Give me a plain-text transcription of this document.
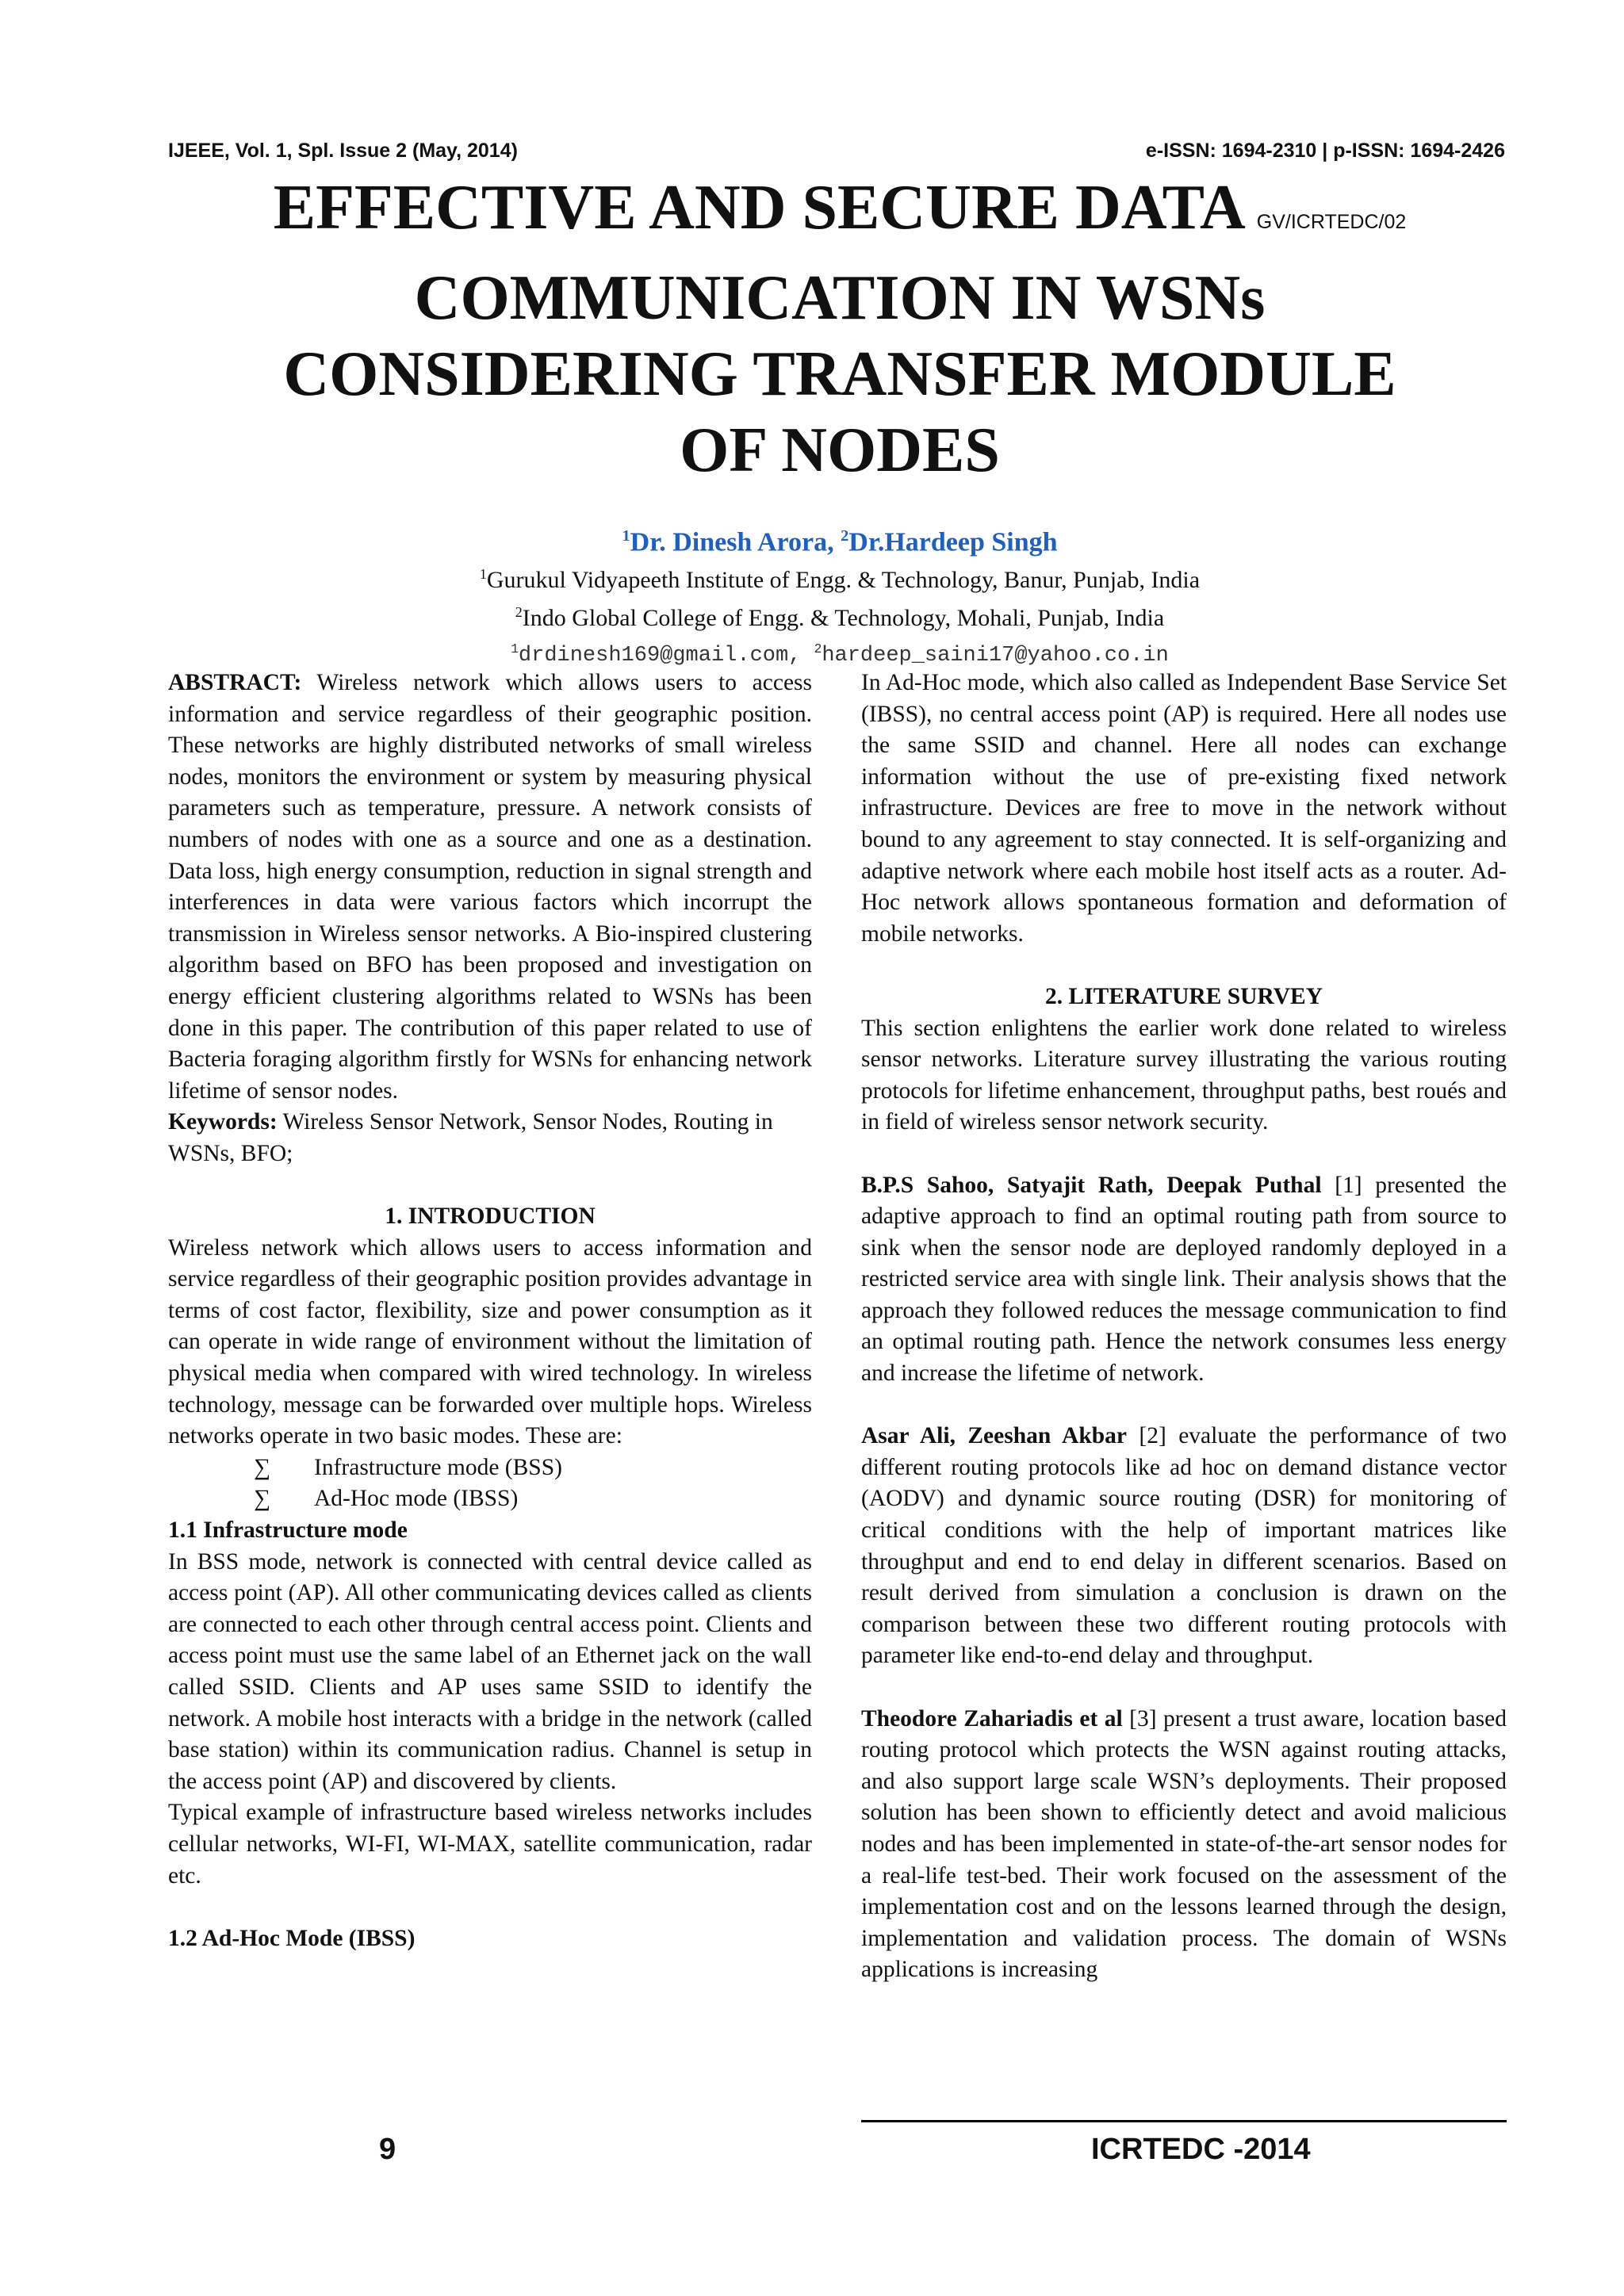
IJEEE, Vol. 1, Spl. Issue 2 (May, 2014)	e-ISSN: 1694-2310 | p-ISSN: 1694-2426
EFFECTIVE AND SECURE DATA GV/ICRTEDC/02
COMMUNICATION IN WSNs
CONSIDERING TRANSFER MODULE
OF NODES
$^1$Dr. Dinesh Arora, $^2$Dr.Hardeep Singh
$^1$Gurukul Vidyapeeth Institute of Engg. & Technology, Banur, Punjab, India
$^2$Indo Global College of Engg. & Technology, Mohali, Punjab, India
$^1$drdinesh169@gmail.com, $^2$hardeep_saini17@yahoo.co.in

ABSTRACT: Wireless network which allows users to access information and service regardless of their geographic position. These networks are highly distributed networks of small wireless nodes, monitors the environment or system by measuring physical parameters such as temperature, pressure. A network consists of numbers of nodes with one as a source and one as a destination. Data loss, high energy consumption, reduction in signal strength and interferences in data were various factors which incorrupt the transmission in Wireless sensor networks. A Bio-inspired clustering algorithm based on BFO has been proposed and investigation on energy efficient clustering algorithms related to WSNs has been done in this paper. The contribution of this paper related to use of Bacteria foraging algorithm firstly for WSNs for enhancing network lifetime of sensor nodes.

Keywords: Wireless Sensor Network, Sensor Nodes, Routing in WSNs, BFO;

1. INTRODUCTION

Wireless network which allows users to access information and service regardless of their geographic position provides advantage in terms of cost factor, flexibility, size and power consumption as it can operate in wide range of environment without the limitation of physical media when compared with wired technology. In wireless technology, message can be forwarded over multiple hops. Wireless networks operate in two basic modes. These are:

∑ Infrastructure mode (BSS)

∑ Ad-Hoc mode (IBSS)

1.1 Infrastructure mode

In BSS mode, network is connected with central device called as access point (AP). All other communicating devices called as clients are connected to each other through central access point. Clients and access point must use the same label of an Ethernet jack on the wall called SSID. Clients and AP uses same SSID to identify the network. A mobile host interacts with a bridge in the network (called base station) within its communication radius. Channel is setup in the access point (AP) and discovered by clients.

Typical example of infrastructure based wireless networks includes cellular networks, WI-FI, WI-MAX, satellite communication, radar etc.

1.2 Ad-Hoc Mode (IBSS)

In Ad-Hoc mode, which also called as Independent Base Service Set (IBSS), no central access point (AP) is required. Here all nodes use the same SSID and channel. Here all nodes can exchange information without the use of pre-existing fixed network infrastructure. Devices are free to move in the network without bound to any agreement to stay connected. It is self-organizing and adaptive network where each mobile host itself acts as a router. Ad-Hoc network allows spontaneous formation and deformation of mobile networks.

2. LITERATURE SURVEY

This section enlightens the earlier work done related to wireless sensor networks. Literature survey illustrating the various routing protocols for lifetime enhancement, throughput paths, best roués and in field of wireless sensor network security.

B.P.S Sahoo, Satyajit Rath, Deepak Puthal [1] presented the adaptive approach to find an optimal routing path from source to sink when the sensor node are deployed randomly deployed in a restricted service area with single link. Their analysis shows that the approach they followed reduces the message communication to find an optimal routing path. Hence the network consumes less energy and increase the lifetime of network.

Asar Ali, Zeeshan Akbar [2] evaluate the performance of two different routing protocols like ad hoc on demand distance vector (AODV) and dynamic source routing (DSR) for monitoring of critical conditions with the help of important matrices like throughput and end to end delay in different scenarios. Based on result derived from simulation a conclusion is drawn on the comparison between these two different routing protocols with parameter like end-to-end delay and throughput.

Theodore Zahariadis et al [3] present a trust aware, location based routing protocol which protects the WSN against routing attacks, and also support large scale WSN’s deployments. Their proposed solution has been shown to efficiently detect and avoid malicious nodes and has been implemented in state-of-the-art sensor nodes for a real-life test-bed. Their work focused on the assessment of the implementation cost and on the lessons learned through the design, implementation and validation process. The domain of WSNs applications is increasing

9	ICRTEDC -2014
